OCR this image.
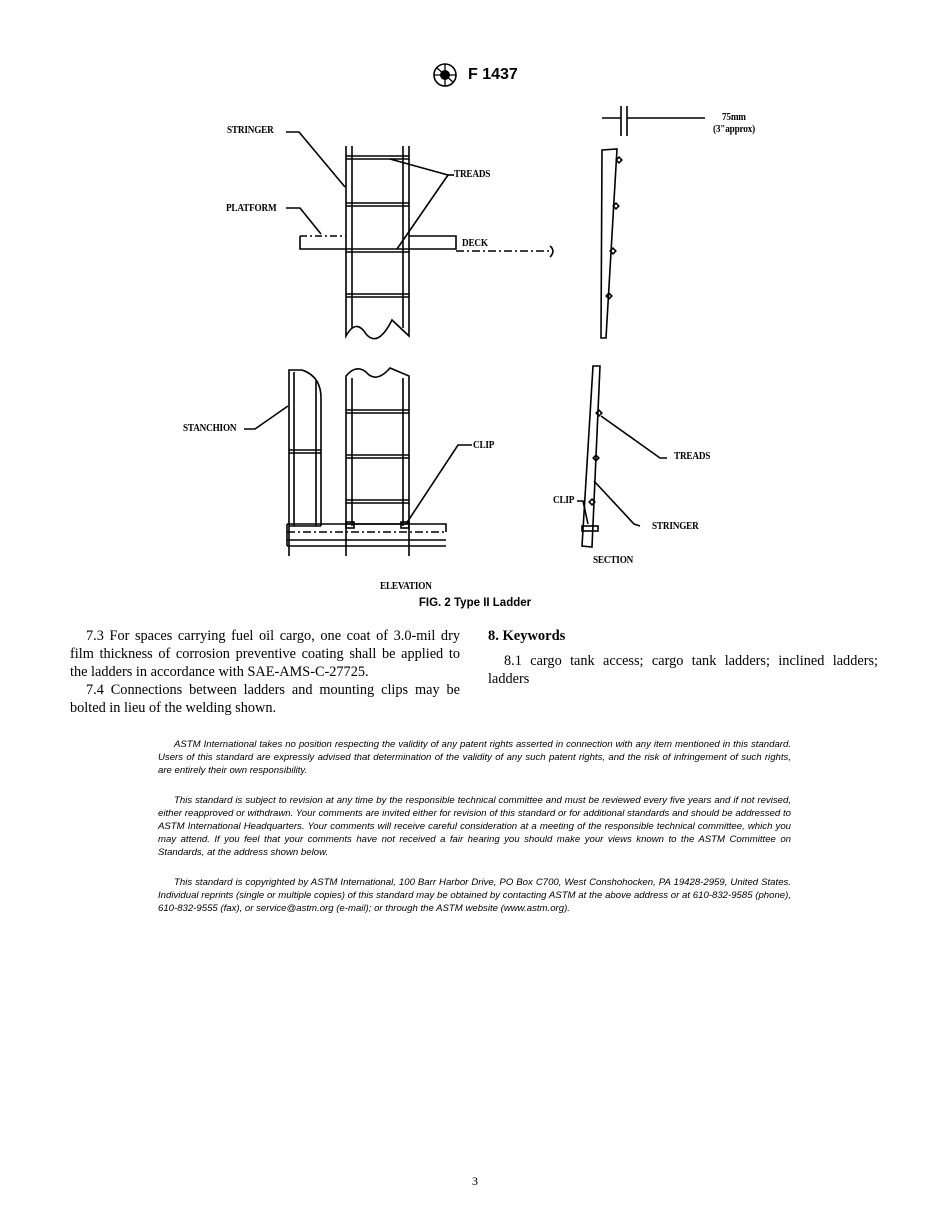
F 1437
STRINGER
TREADS
PLATFORM
DECK
75mm
(3"approx)
STANCHION
CLIP
ELEVATION
TREADS
CLIP
STRINGER
SECTION
FIG. 2 Type II Ladder

7.3 For spaces carrying fuel oil cargo, one coat of 3.0-mil dry film thickness of corrosion preventive coating shall be applied to the ladders in accordance with SAE-AMS-C-27725.

7.4 Connections between ladders and mounting clips may be bolted in lieu of the welding shown.

8. Keywords

8.1 cargo tank access; cargo tank ladders; inclined ladders; ladders

ASTM International takes no position respecting the validity of any patent rights asserted in connection with any item mentioned in this standard. Users of this standard are expressly advised that determination of the validity of any such patent rights, and the risk of infringement of such rights, are entirely their own responsibility.

This standard is subject to revision at any time by the responsible technical committee and must be reviewed every five years and if not revised, either reapproved or withdrawn. Your comments are invited either for revision of this standard or for additional standards and should be addressed to ASTM International Headquarters. Your comments will receive careful consideration at a meeting of the responsible technical committee, which you may attend. If you feel that your comments have not received a fair hearing you should make your views known to the ASTM Committee on Standards, at the address shown below.

This standard is copyrighted by ASTM International, 100 Barr Harbor Drive, PO Box C700, West Conshohocken, PA 19428-2959, United States. Individual reprints (single or multiple copies) of this standard may be obtained by contacting ASTM at the above address or at 610-832-9585 (phone), 610-832-9555 (fax), or service@astm.org (e-mail); or through the ASTM website (www.astm.org).

3
